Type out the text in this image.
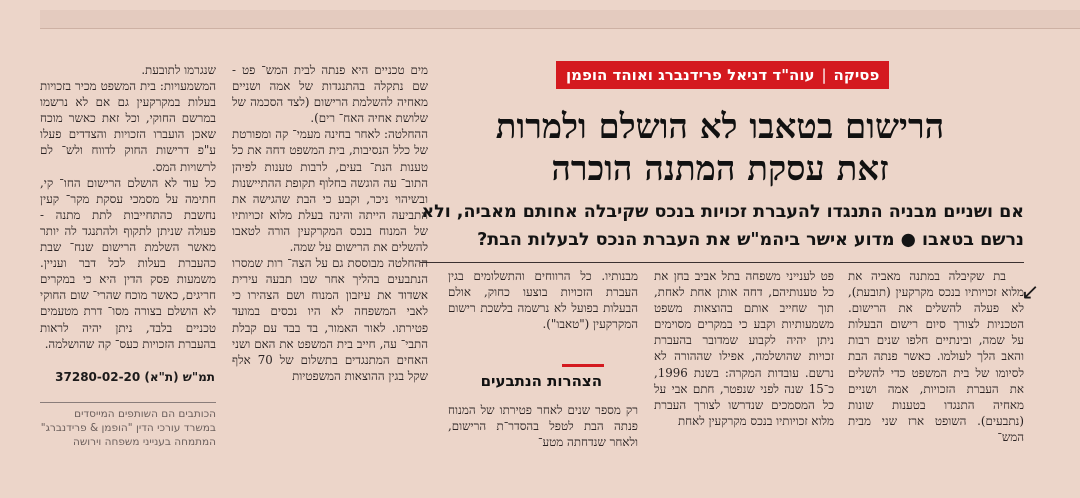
פסיקה|עוה"ד דניאל פרידנברג ואוהד הופמן
הרישום בטאבו לא הושלם ולמרות
זאת עסקת המתנה הוכרה
אם ושניים מבניה התנגדו להעברת זכויות בנכס שקיבלה אחותם מאביה, ולא
נרשם בטאבו ● מדוע אישר ביהמ"ש את העברת הנכס לבעלות הבת?
↙

בת שקיבלה במתנה מאביה את מלוא זכויותיו בנכס מקרקעין (תובעת), לא פעלה להשלים את הרישום. הטכניות לצורך סיום רישום הבעלות על שמה, ובינתיים חלפו שנים רבות והאב הלך לעולמו. כאשר פנתה הבת לסיומו של בית המשפט כדי להשלים את העברת הזכויות, אמה ושניים מאחיה התנגדו בטענות שונות (נתבעים). השופט ארז שני מבית המש־

פט לענייני משפחה בתל אביב בחן את כל טענותיהם, דחה אותן אחת לאחת, תוך שחייב אותם בהוצאות משפט משמעותיות וקבע כי במקרים מסוימים ניתן יהיה לקבוע שמדובר בהעברת זכויות שהושלמה, אפילו שההורה לא נרשם. עובדות המקרה: בשנת 1996, כ־15 שנה לפני שנפטר, חתם אבי על כל המסמכים שנדרשו לצורך העברת מלוא זכויותיו בנכס מקרקעין לאחת

מבנותיו. כל הרווחים והתשלומים בגין העברת הזכויות בוצעו כחוק, אולם הבעלות בפועל לא נרשמה בלשכת רישום המקרקעין ("טאבו").

הצהרות הנתבעים

רק מספר שנים לאחר פטירתו של המנוח פנתה הבת לטפל בהסדר־ת הרישום, ולאחר שנדחתה מטע־

מים טכניים היא פנתה לבית המש־ פט - שם נתקלה בהתנגדות של אמה ושניים מאחיה להשלמת הרישום (לצד הסכמה של שלושת אחיה האח־ רים).

ההחלטה: לאחר בחינה מעמי־ קה ומפורטת של כלל הנסיבות, בית המשפט דחה את כל טענות הנת־ בעים, לרבות טענות לפיהן התוב־ עה הוגשה בחלוף תקופת ההתיישנות ובשיהוי ניכר, וקבע כי הבת שהגישה את התביעה הייתה והינה בעלת מלוא זכויותיו של המנוח בנכס המקרקעין הורה לטאבו להשלים את הרישום על שמה.

ההחלטה מבוססת גם על הצה־ רות שמסרו הנתבעים בהליך אחר שבו תבעה עירית אשדוד את עיזבון המנוח ושם הצהירו כי לאבי המשפחה לא היו נכסים במועד פטירתו. לאור האמור, בד בבד עם קבלת התבי־ עה, חייב בית המשפט את האם ושני האחים המתנגדים בתשלום של 70 אלף שקל בגין ההוצאות המשפטיות

שנגרמו לתובעת.

המשמעויות: בית המשפט מכיר בזכויות בעלות במקרקעין גם אם לא נרשמו במרשם החוקי, וכל זאת כאשר מוכח שאכן הועברו הזכויות והצדדים פעלו ע"פ דרישות החוק לדווח ולש־ לם לרשויות המס.

כל עוד לא הושלם הרישום החו־ קי, חתימה על מסמכי עסקת מקר־ קעין נחשבת כהתחייבות לתת מתנה - פעולה שניתן לתקוף ולהתנגד לה יותר מאשר השלמת הרישום שנח־ שבת כהעברת בעלות לכל דבר ועניין. משמעות פסק הדין היא כי במקרים חריגים, כאשר מוכח שהרי־ שום החוקי לא הושלם בצורה מסו־ דרת מטעמים טכניים בלבד, ניתן יהיה לראות בהעברת הזכויות כעס־ קה שהושלמה.

תמ"ש (ת"א) 37280-02-20
הכותבים הם השותפים המייסדים במשרד עורכי הדין "הופמן & פרידנברג" המתמחה בענייני משפחה וירושה
